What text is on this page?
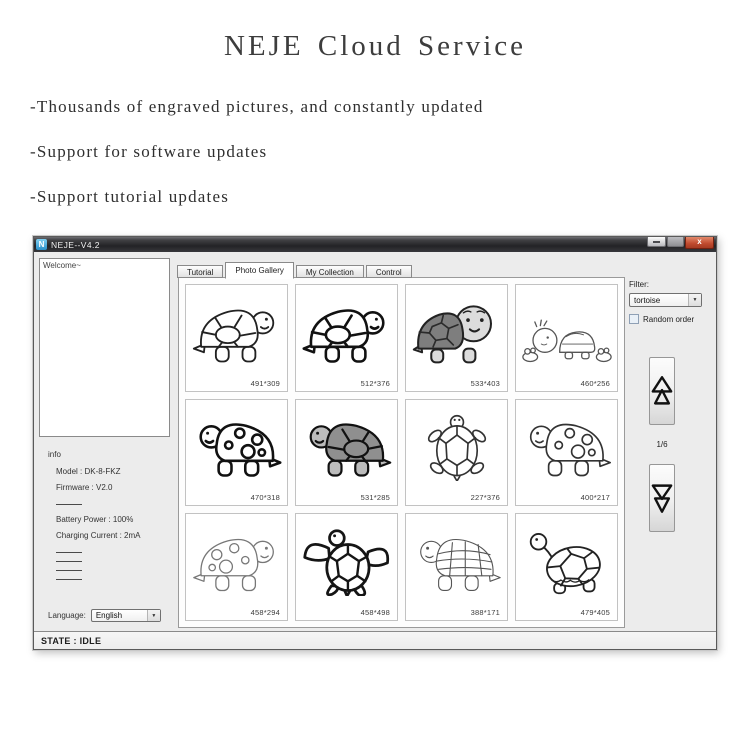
NEJE Cloud Service
-Thousands of engraved pictures, and constantly updated
-Support for software updates
-Support tutorial updates
N NEJE--V4.2	x
Welcome~
info
Model : DK-8-FKZ
Firmware : V2.0
Battery Power : 100%
Charging Current : 2mA
Language: English	▼
Tutorial	Photo Gallery	My Collection	Control
491*309	512*376	533*403	460*256
470*318	531*285	227*376	400*217
458*294	458*498	388*171	479*405
Filter:
tortoise	▼
Random order
1/6
STATE : IDLE
